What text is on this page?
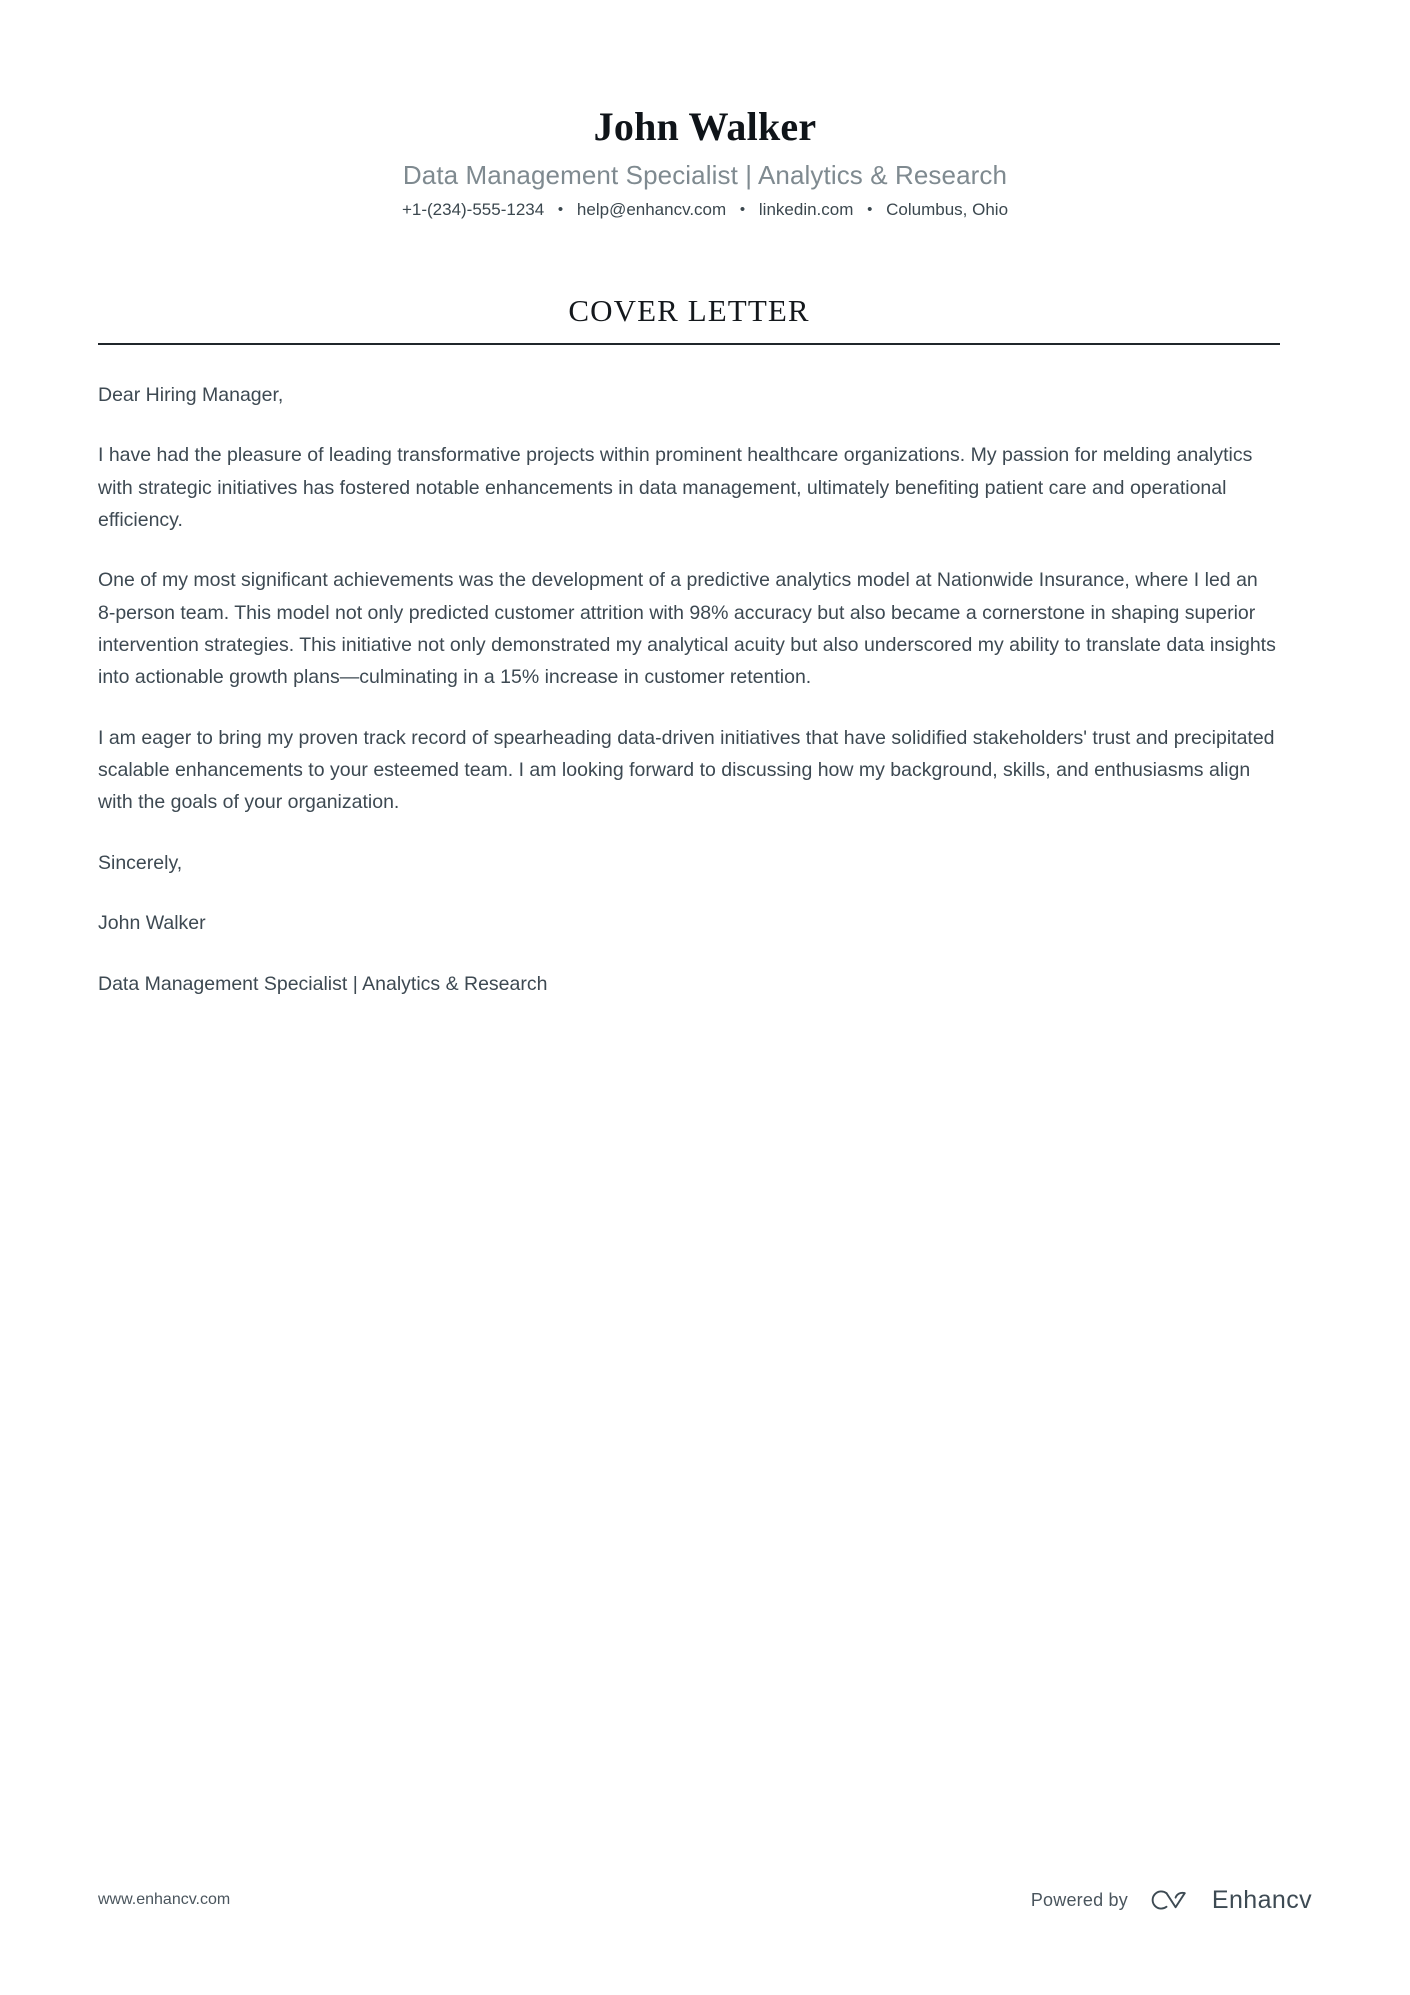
John Walker
Data Management Specialist | Analytics & Research
+1-(234)-555-1234 • help@enhancv.com • linkedin.com • Columbus, Ohio
COVER LETTER

Dear Hiring Manager,

I have had the pleasure of leading transformative projects within prominent healthcare organizations. My passion for melding analytics with strategic initiatives has fostered notable enhancements in data management, ultimately benefiting patient care and operational efficiency.

One of my most significant achievements was the development of a predictive analytics model at Nationwide Insurance, where I led an 8-person team. This model not only predicted customer attrition with 98% accuracy but also became a cornerstone in shaping superior intervention strategies. This initiative not only demonstrated my analytical acuity but also underscored my ability to translate data insights into actionable growth plans—culminating in a 15% increase in customer retention.

I am eager to bring my proven track record of spearheading data-driven initiatives that have solidified stakeholders' trust and precipitated scalable enhancements to your esteemed team. I am looking forward to discussing how my background, skills, and enthusiasms align with the goals of your organization.

Sincerely,

John Walker

Data Management Specialist | Analytics & Research

www.enhancv.com	Powered by	Enhancv
